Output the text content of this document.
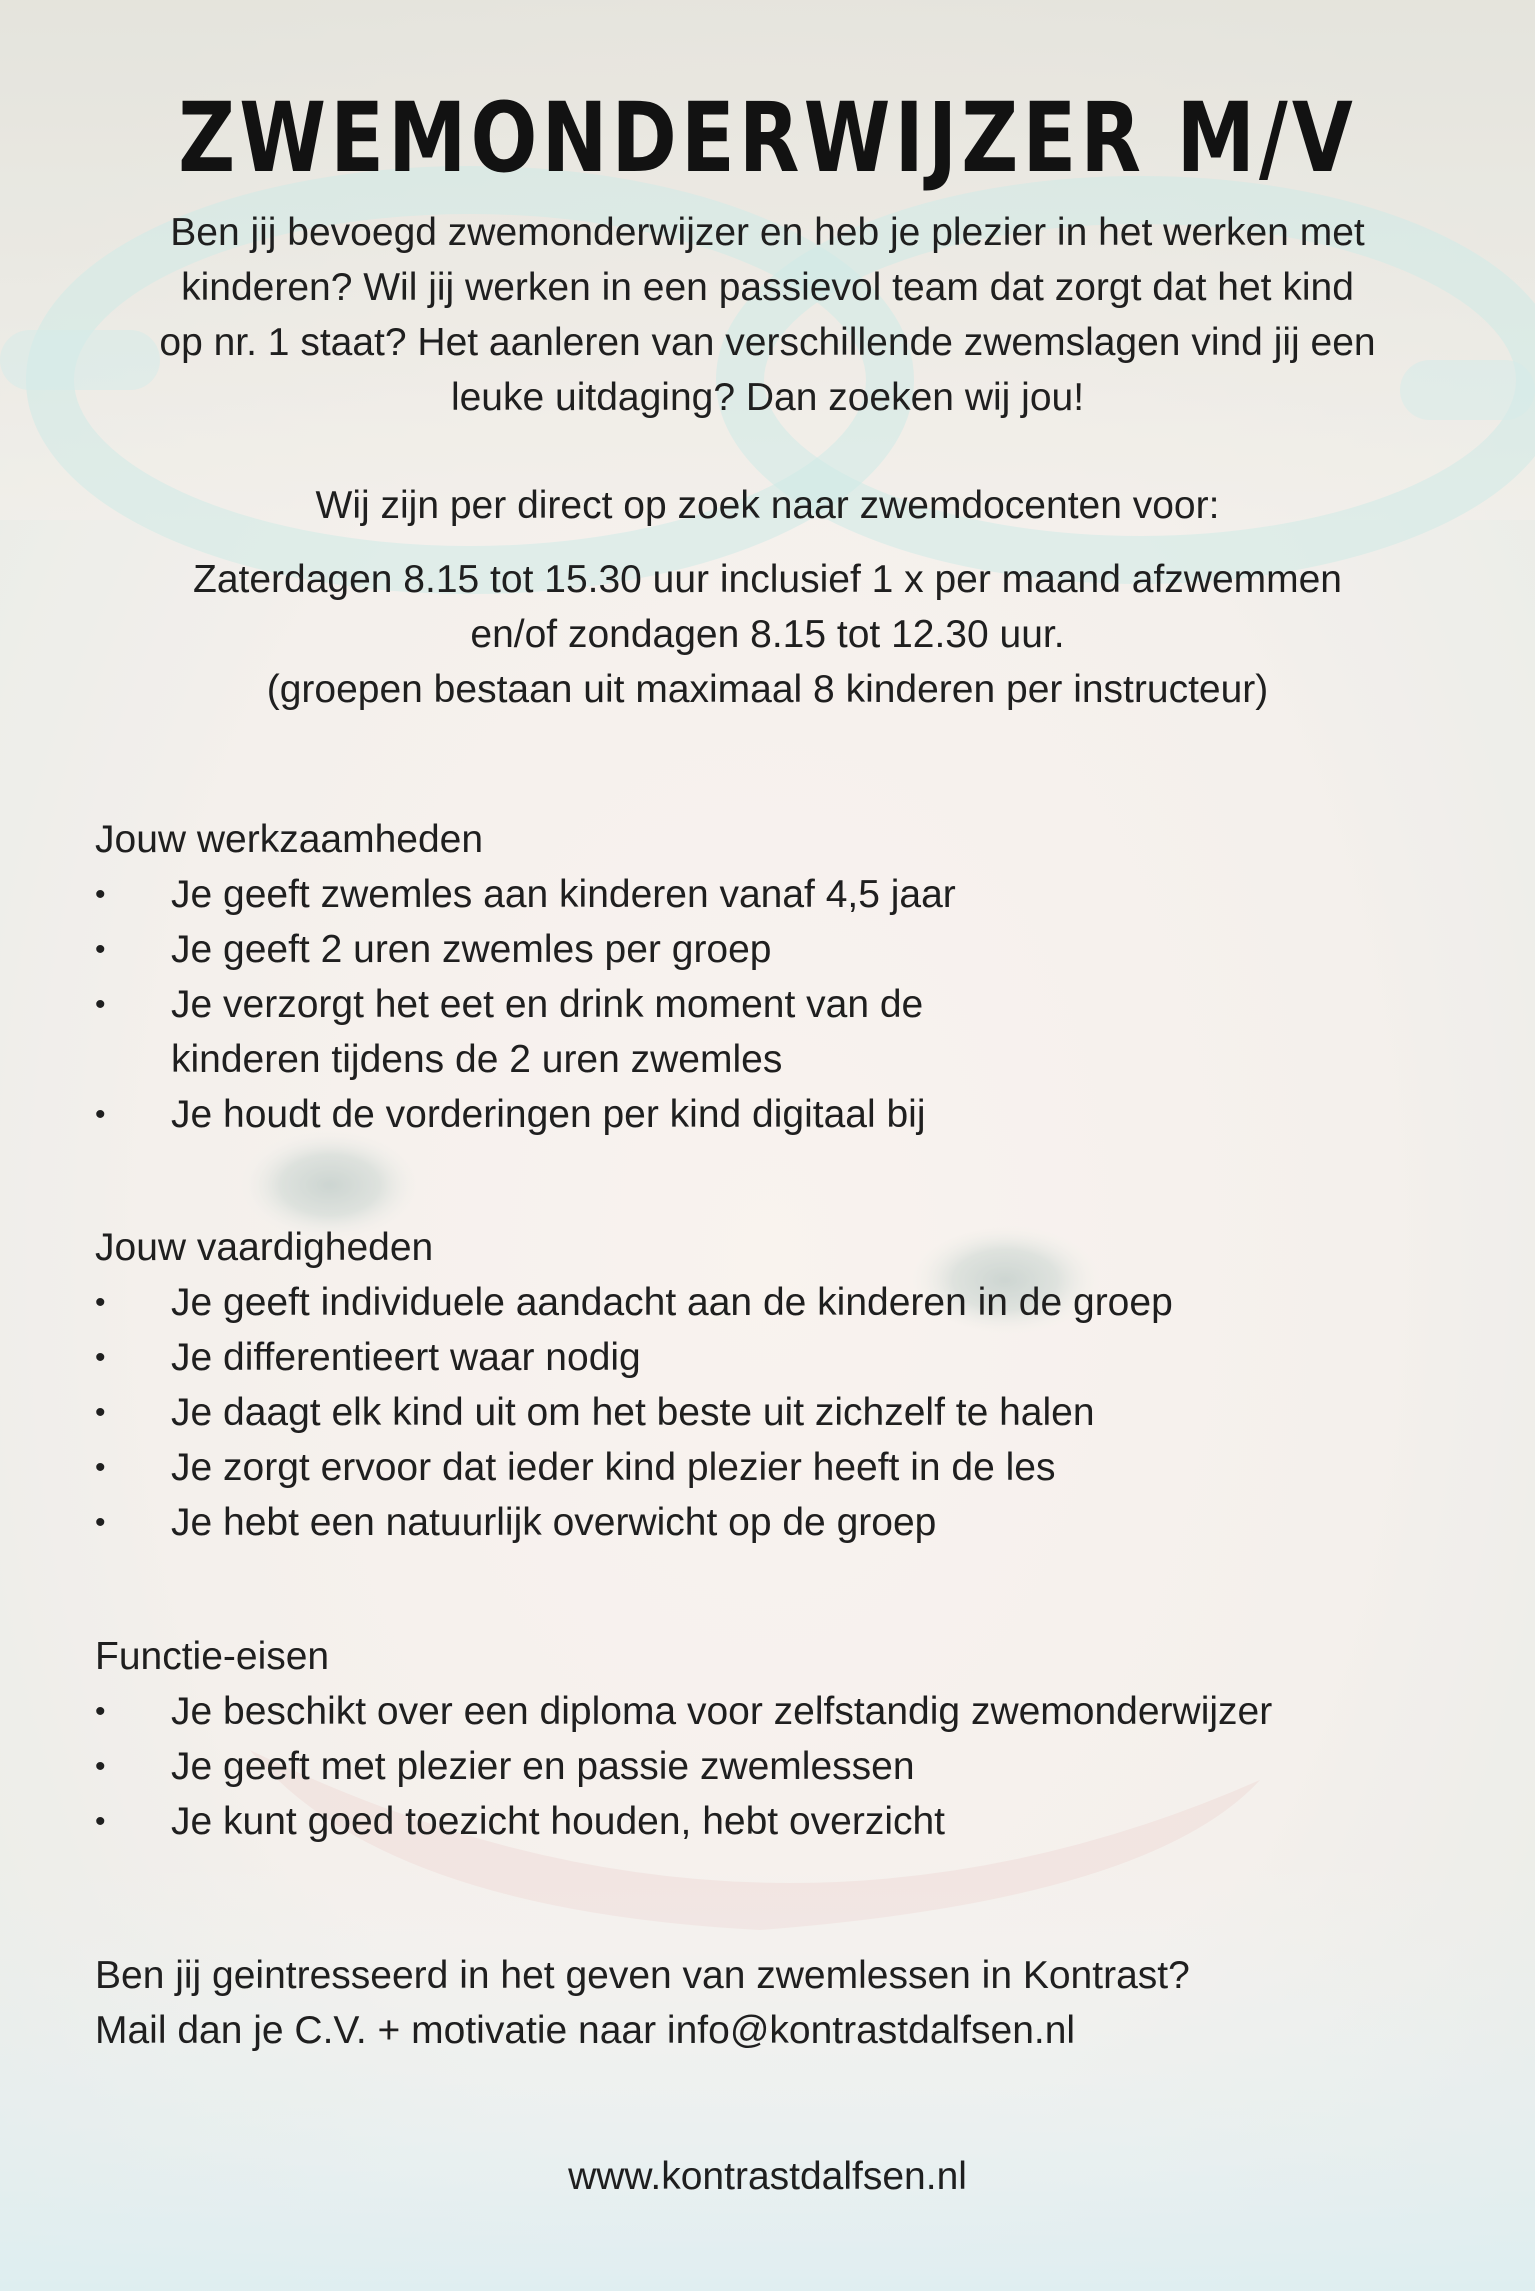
ZWEMONDERWIJZER M/V

Ben jij bevoegd zwemonderwijzer en heb je plezier in het werken met

kinderen? Wil jij werken in een passievol team dat zorgt dat het kind

op nr. 1 staat? Het aanleren van verschillende zwemslagen vind jij een

leuke uitdaging? Dan zoeken wij jou!

Wij zijn per direct op zoek naar zwemdocenten voor:

Zaterdagen 8.15 tot 15.30 uur inclusief 1 x per maand afzwemmen

en/of zondagen 8.15 tot 12.30 uur.

(groepen bestaan uit maximaal 8 kinderen per instructeur)

Jouw werkzaamheden
•	Je geeft zwemles aan kinderen vanaf 4,5 jaar
•	Je geeft 2 uren zwemles per groep
•	Je verzorgt het eet en drink moment van de kinderen tijdens de 2 uren zwemles
•	Je houdt de vorderingen per kind digitaal bij
Jouw vaardigheden
•	Je geeft individuele aandacht aan de kinderen in de groep
•	Je differentieert waar nodig
•	Je daagt elk kind uit om het beste uit zichzelf te halen
•	Je zorgt ervoor dat ieder kind plezier heeft in de les
•	Je hebt een natuurlijk overwicht op de groep
Functie-eisen
•	Je beschikt over een diploma voor zelfstandig zwemonderwijzer
•	Je geeft met plezier en passie zwemlessen
•	Je kunt goed toezicht houden, hebt overzicht

Ben jij geintresseerd in het geven van zwemlessen in Kontrast?

Mail dan je C.V. + motivatie naar info@kontrastdalfsen.nl

www.kontrastdalfsen.nl
